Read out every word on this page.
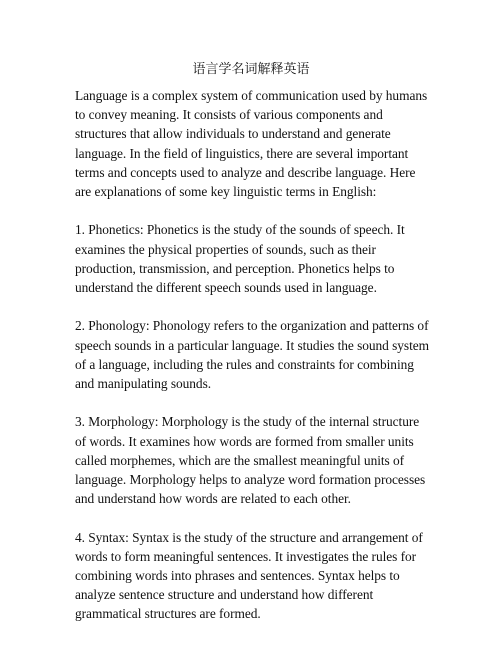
语言学名词解释英语

Language is a complex system of communication used by humans
to convey meaning. It consists of various components and
structures that allow individuals to understand and generate
language. In the field of linguistics, there are several important
terms and concepts used to analyze and describe language. Here
are explanations of some key linguistic terms in English:

1. Phonetics: Phonetics is the study of the sounds of speech. It
examines the physical properties of sounds, such as their
production, transmission, and perception. Phonetics helps to
understand the different speech sounds used in language.

2. Phonology: Phonology refers to the organization and patterns of
speech sounds in a particular language. It studies the sound system
of a language, including the rules and constraints for combining
and manipulating sounds.

3. Morphology: Morphology is the study of the internal structure
of words. It examines how words are formed from smaller units
called morphemes, which are the smallest meaningful units of
language. Morphology helps to analyze word formation processes
and understand how words are related to each other.

4. Syntax: Syntax is the study of the structure and arrangement of
words to form meaningful sentences. It investigates the rules for
combining words into phrases and sentences. Syntax helps to
analyze sentence structure and understand how different
grammatical structures are formed.
